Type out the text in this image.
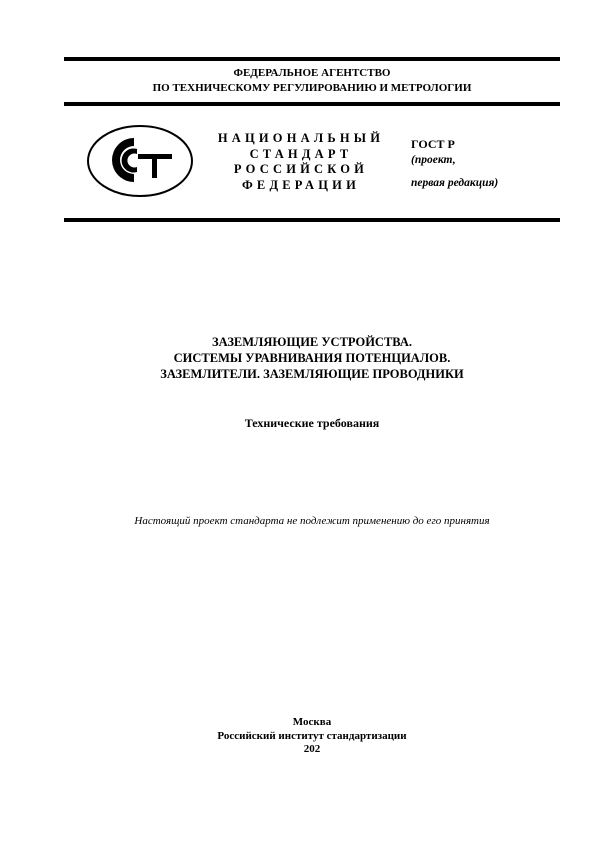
ФЕДЕРАЛЬНОЕ АГЕНТСТВО
ПО ТЕХНИЧЕСКОМУ РЕГУЛИРОВАНИЮ И МЕТРОЛОГИИ
НАЦИОНАЛЬНЫЙ
СТАНДАРТ
РОССИЙСКОЙ
ФЕДЕРАЦИИ
ГОСТ Р
(проект,
первая редакция)
ЗАЗЕМЛЯЮЩИЕ УСТРОЙСТВА.
СИСТЕМЫ УРАВНИВАНИЯ ПОТЕНЦИАЛОВ.
ЗАЗЕМЛИТЕЛИ. ЗАЗЕМЛЯЮЩИЕ ПРОВОДНИКИ
Технические требования
Настоящий проект стандарта не подлежит применению до его принятия
Москва
Российский институт стандартизации
202
